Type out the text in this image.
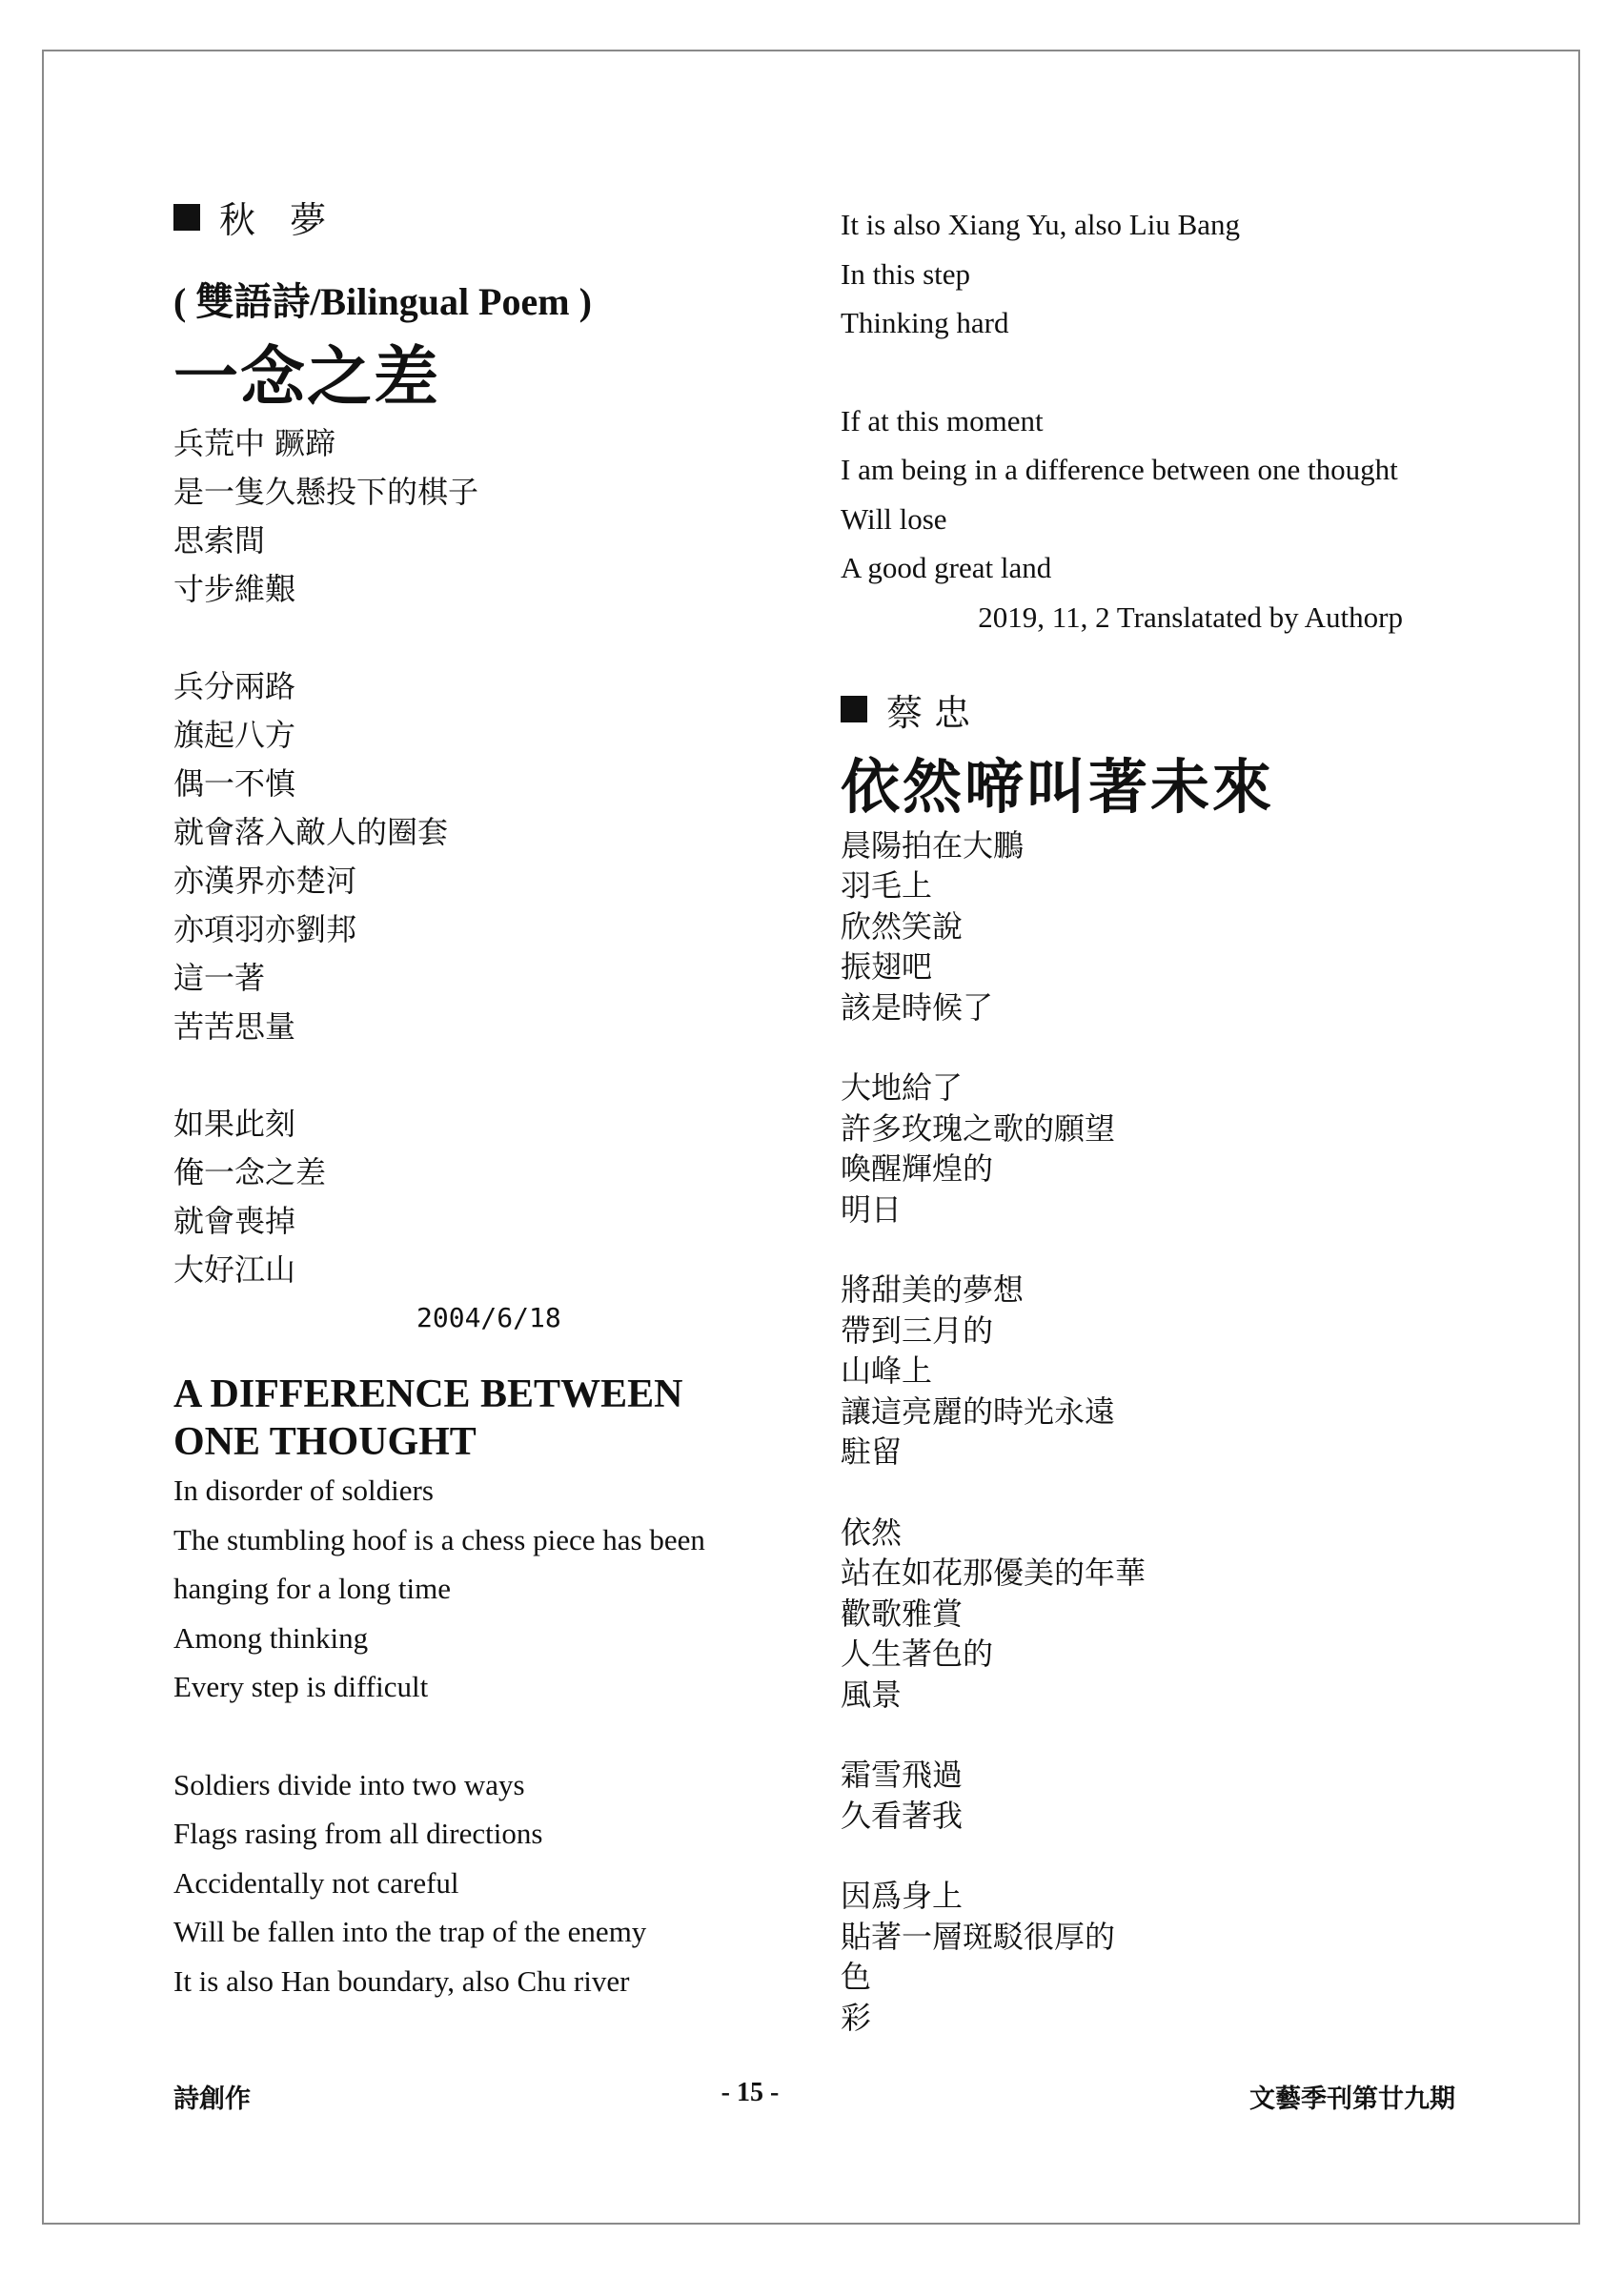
秋 夢
( 雙語詩/Bilingual Poem )
一念之差
兵荒中 蹶蹄
是一隻久懸投下的棋子
思索間
寸步維艱
兵分兩路
旗起八方
偶一不慎
就會落入敵人的圈套
亦漢界亦楚河
亦項羽亦劉邦
這一著
苦苦思量
如果此刻
俺一念之差
就會喪掉
大好江山
2004/6/18
A DIFFERENCE BETWEEN
ONE THOUGHT
In disorder of soldiers
The stumbling hoof is a chess piece has been
hanging for a long time
Among thinking
Every step is difficult
Soldiers divide into two ways
Flags rasing from all directions
Accidentally not careful
Will be fallen into the trap of the enemy
It is also Han boundary, also Chu river
It is also Xiang Yu, also Liu Bang
In this step
Thinking hard
If at this moment
I am being in a difference between one thought
Will lose
A good great land
2019, 11, 2 Translatated by Authorp
蔡忠
依然啼叫著未來
晨陽拍在大鵬
羽毛上
欣然笑說
振翅吧
該是時候了
大地給了
許多玫瑰之歌的願望
喚醒輝煌的
明日
將甜美的夢想
帶到三月的
山峰上
讓這亮麗的時光永遠
駐留
依然
站在如花那優美的年華
歡歌雅賞
人生著色的
風景
霜雪飛過
久看著我
因爲身上
貼著一層斑駁很厚的
色
彩
詩創作	- 15 -	文藝季刊第廿九期
